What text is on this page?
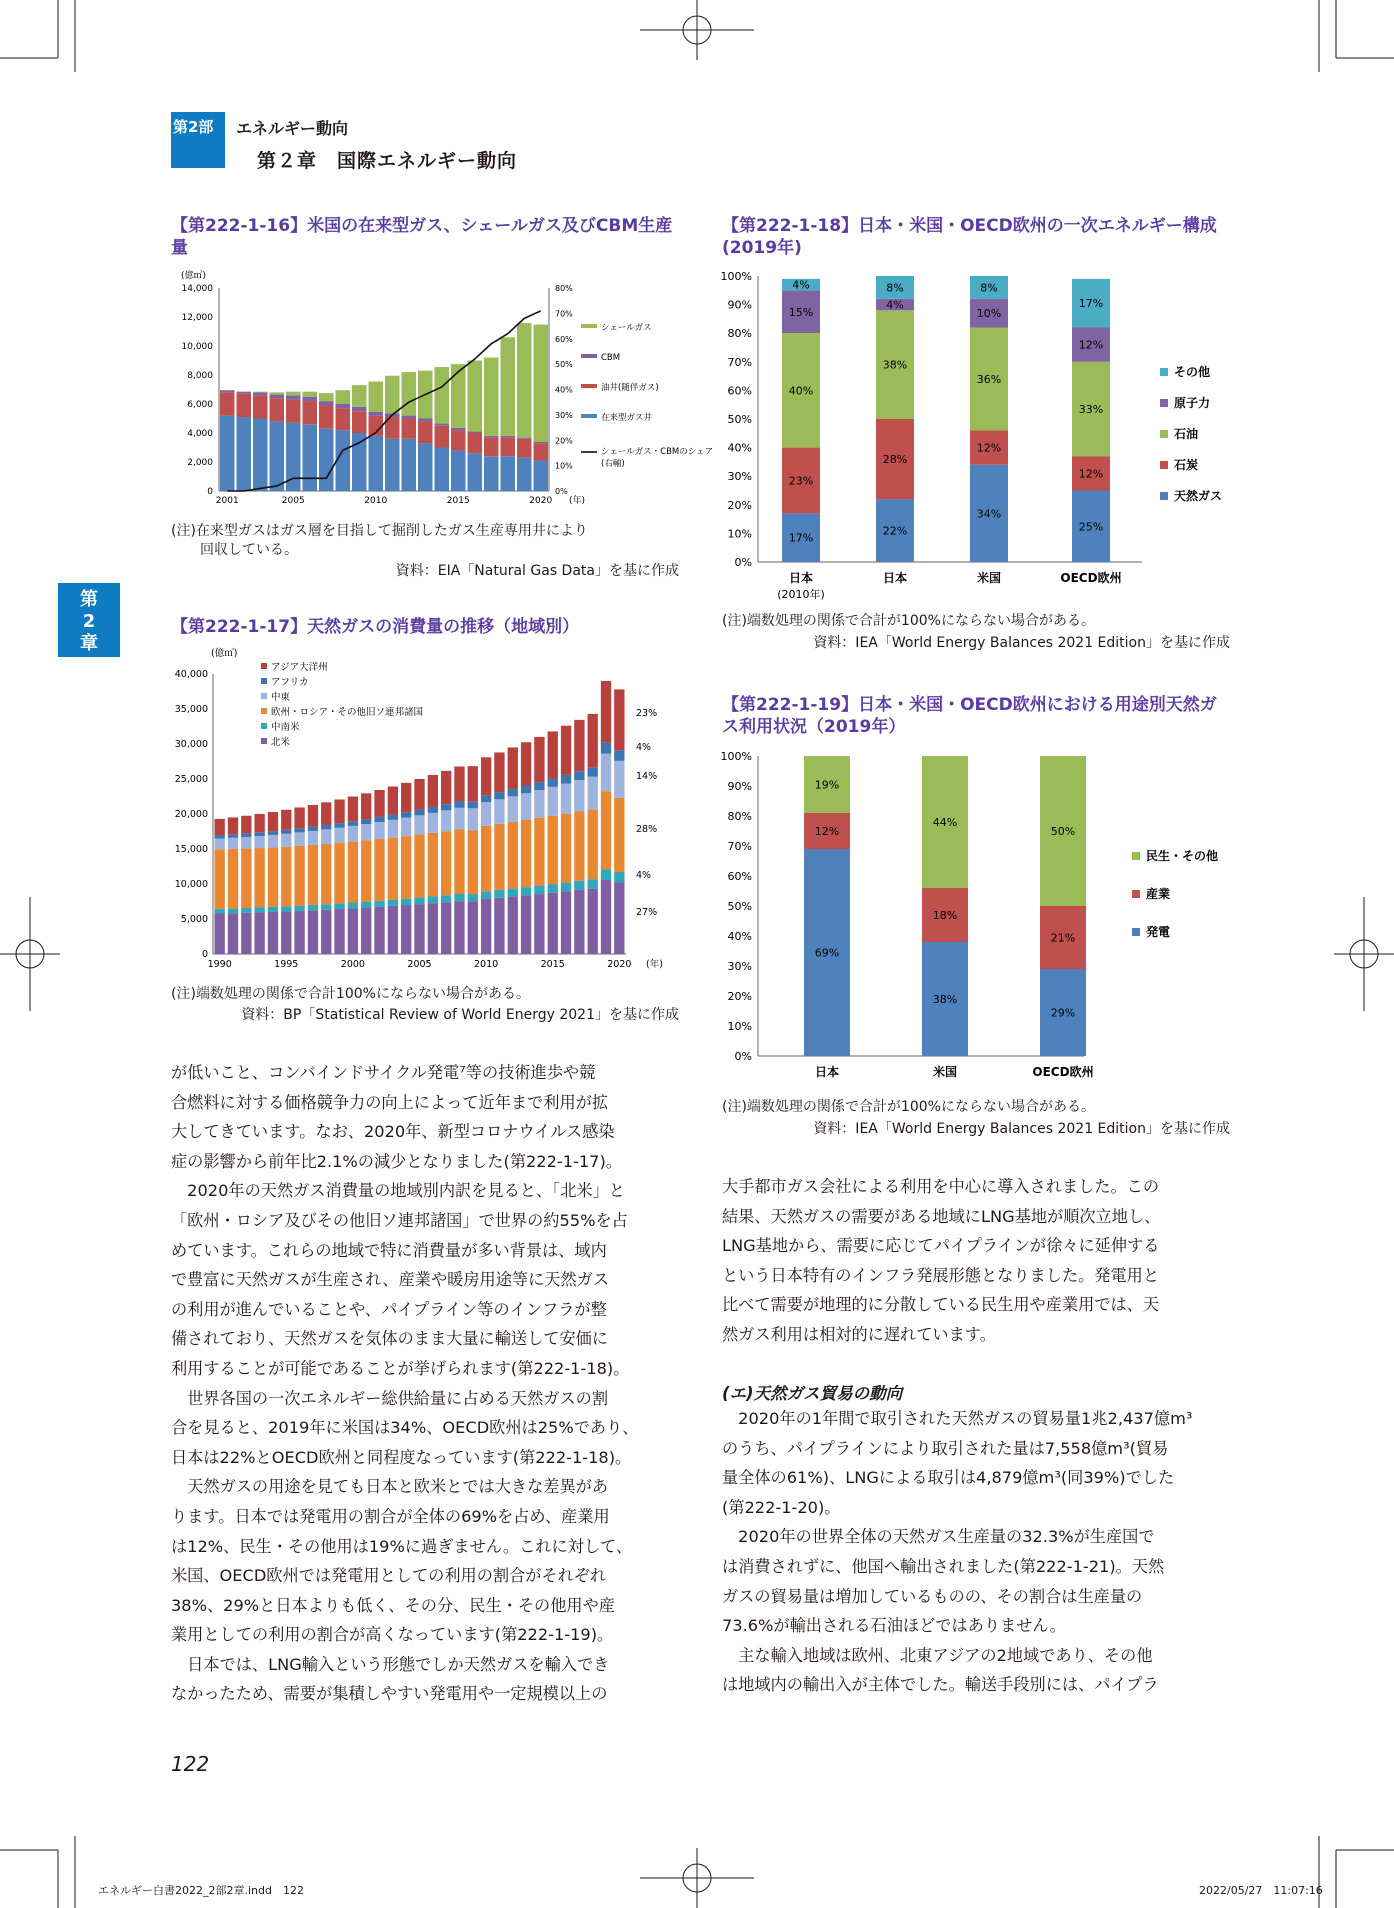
第2部	エネルギー動向
第２章　国際エネルギー動向
第
2
章
【第222-1-16】米国の在来型ガス、シェールガス及びCBM生産量
(億㎥)
14,000
12,000
10,000
8,000
6,000
4,000
2,000
0
80%
70%
60%
50%
40%
30%
20%
10%
0%
2001	2005	2010	2015	2020 (年)
シェールガス
CBM
油井(随伴ガス)
在来型ガス井
シェールガス・CBMのシェア
(右軸)
(注)在来型ガスはガス層を目指して掘削したガス生産専用井により
回収している。
資料：EIA「Natural Gas Data」を基に作成
【第222-1-17】天然ガスの消費量の推移（地域別）
(億㎥)
40,000
35,000
30,000
25,000
20,000
15,000
10,000
5,000
0
1990	1995	2000	2005	2010	2015	2020 (年)
23%
4%
14%
28%
4%
27%
アジア大洋州
アフリカ
中東
欧州・ロシア・その他旧ソ連邦諸国
中南米
北米
(注)端数処理の関係で合計100%にならない場合がある。
資料：BP「Statistical Review of World Energy 2021」を基に作成
【第222-1-18】日本・米国・OECD欧州の一次エネルギー構成
(2019年)
100%
90%
80%
70%
60%
50%
40%
30%
20%
10%
0%
17%
23%
40%
15%
4%
日本
22%
28%
38%
4%
8%
日本
34%
12%
36%
10%
8%
米国
25%
12%
33%
12%
17%
OECD欧州
(2010年)
その他
原子力
石油
石炭
天然ガス
(注)端数処理の関係で合計が100%にならない場合がある。
資料：IEA「World Energy Balances 2021 Edition」を基に作成
【第222-1-19】日本・米国・OECD欧州における用途別天然ガ
ス利用状況（2019年）
100%
90%
80%
70%
60%
50%
40%
30%
20%
10%
0%
69%
12%
19%
日本
38%
18%
44%
米国
29%
21%
50%
OECD欧州
民生・その他
産業
発電
(注)端数処理の関係で合計が100%にならない場合がある。
資料：IEA「World Energy Balances 2021 Edition」を基に作成

が低いこと、コンバインドサイクル発電⁷等の技術進歩や競

合燃料に対する価格競争力の向上によって近年まで利用が拡

大してきています。なお、2020年、新型コロナウイルス感染

症の影響から前年比2.1%の減少となりました(第222-1-17)。

　2020年の天然ガス消費量の地域別内訳を見ると、「北米」と

「欧州・ロシア及びその他旧ソ連邦諸国」で世界の約55%を占

めています。これらの地域で特に消費量が多い背景は、域内

で豊富に天然ガスが生産され、産業や暖房用途等に天然ガス

の利用が進んでいることや、パイプライン等のインフラが整

備されており、天然ガスを気体のまま大量に輸送して安価に

利用することが可能であることが挙げられます(第222-1-18)。

　世界各国の一次エネルギー総供給量に占める天然ガスの割

合を見ると、2019年に米国は34%、OECD欧州は25%であり、

日本は22%とOECD欧州と同程度なっています(第222-1-18)。

　天然ガスの用途を見ても日本と欧米とでは大きな差異があ

ります。日本では発電用の割合が全体の69%を占め、産業用

は12%、民生・その他用は19%に過ぎません。これに対して、

米国、OECD欧州では発電用としての利用の割合がそれぞれ

38%、29%と日本よりも低く、その分、民生・その他用や産

業用としての利用の割合が高くなっています(第222-1-19)。

　日本では、LNG輸入という形態でしか天然ガスを輸入でき

なかったため、需要が集積しやすい発電用や一定規模以上の

大手都市ガス会社による利用を中心に導入されました。この

結果、天然ガスの需要がある地域にLNG基地が順次立地し、

LNG基地から、需要に応じてパイプラインが徐々に延伸する

という日本特有のインフラ発展形態となりました。発電用と

比べて需要が地理的に分散している民生用や産業用では、天

然ガス利用は相対的に遅れています。

(エ)天然ガス貿易の動向

　2020年の1年間で取引された天然ガスの貿易量1兆2,437億m³

のうち、パイプラインにより取引された量は7,558億m³(貿易

量全体の61%)、LNGによる取引は4,879億m³(同39%)でした

(第222-1-20)。

　2020年の世界全体の天然ガス生産量の32.3%が生産国で

は消費されずに、他国へ輸出されました(第222-1-21)。天然

ガスの貿易量は増加しているものの、その割合は生産量の

73.6%が輸出される石油ほどではありません。

　主な輸入地域は欧州、北東アジアの2地域であり、その他

は地域内の輸出入が主体でした。輸送手段別には、パイプラ

122
エネルギー白書2022_2部2章.indd　122	2022/05/27　11:07:16
